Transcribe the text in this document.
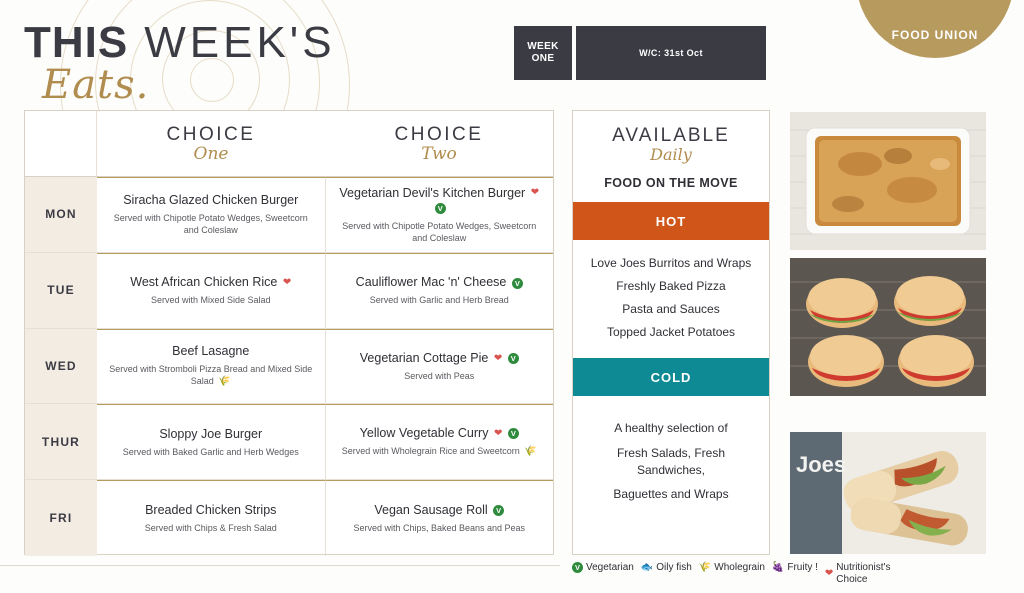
THIS WEEK'S
Eats.
WEEK
ONE	W/C: 31st Oct
FOOD UNION
CHOICE
One
CHOICE
Two
MON
Siracha Glazed Chicken Burger
Served with Chipotle Potato Wedges, Sweetcorn and Coleslaw
Vegetarian Devil's Kitchen Burger ❤ V
Served with Chipotle Potato Wedges, Sweetcorn and Coleslaw
TUE
West African Chicken Rice ❤
Served with Mixed Side Salad
Cauliflower Mac 'n' Cheese V
Served with Garlic and Herb Bread
WED
Beef Lasagne
Served with Stromboli Pizza Bread and Mixed Side Salad 🌾
Vegetarian Cottage Pie ❤ V
Served with Peas
THUR
Sloppy Joe Burger
Served with Baked Garlic and Herb Wedges
Yellow Vegetable Curry ❤ V
Served with Wholegrain Rice and Sweetcorn 🌾
FRI
Breaded Chicken Strips
Served with Chips & Fresh Salad
Vegan Sausage Roll V
Served with Chips, Baked Beans and Peas
AVAILABLE
Daily
FOOD ON THE MOVE
HOT
Love Joes Burritos and Wraps
Freshly Baked Pizza
Pasta and Sauces
Topped Jacket Potatoes
COLD
A healthy selection of
Fresh Salads, Fresh Sandwiches,
Baguettes and Wraps
Joes
V Vegetarian 🐟 Oily fish 🌾 Wholegrain 🍇 Fruity !
❤
Nutritionist's Choice
